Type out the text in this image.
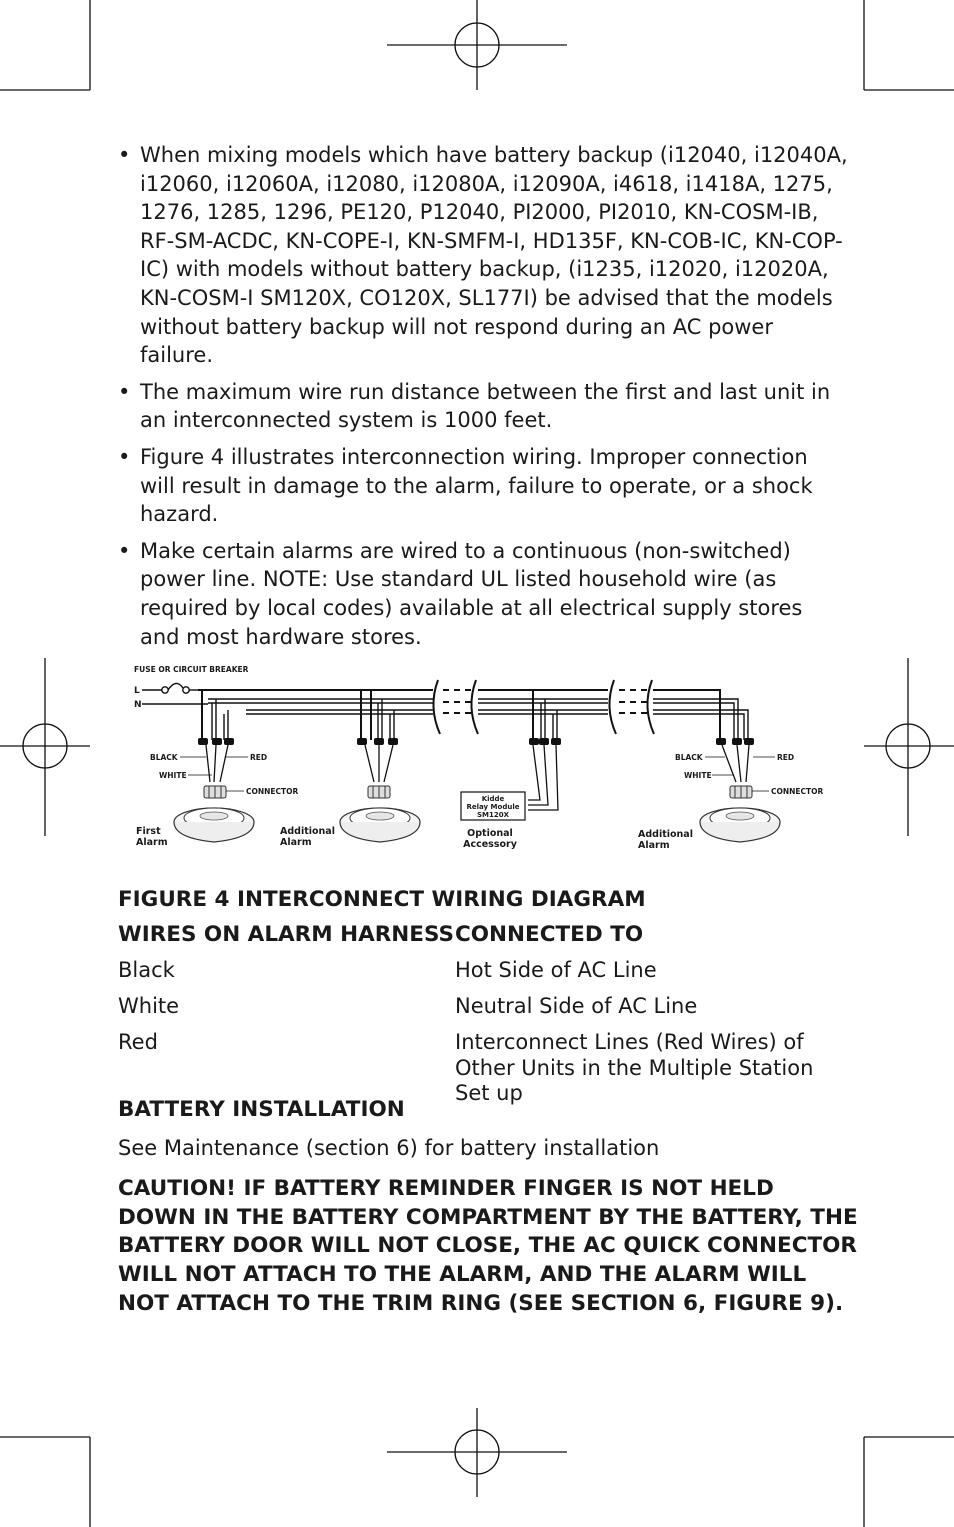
• When mixing models which have battery backup (i12040, i12040A, i12060, i12060A, i12080, i12080A, i12090A, i4618, i1418A, 1275, 1276, 1285, 1296, PE120, P12040, PI2000, PI2010, KN-COSM-IB, RF-SM-ACDC, KN-COPE-I, KN-SMFM-I, HD135F, KN-COB-IC, KN-COP-IC) with models without battery backup, (i1235, i12020, i12020A, KN-COSM-I SM120X, CO120X, SL177I) be advised that the models without battery backup will not respond during an AC power failure.
• The maximum wire run distance between the first and last unit in an interconnected system is 1000 feet.
• Figure 4 illustrates interconnection wiring. Improper connection will result in damage to the alarm, failure to operate, or a shock hazard.
• Make certain alarms are wired to a continuous (non-switched) power line. NOTE: Use standard UL listed household wire (as required by local codes) available at all electrical supply stores and most hardware stores.
FUSE OR CIRCUIT BREAKER
L
N
BLACK	RED
WHITE
CONNECTOR
BLACK	RED
WHITE
CONNECTOR
Kidde
Relay Module
SM120X
First
Alarm
Additional
Alarm
Optional
Accessory
Additional
Alarm
FIGURE 4 INTERCONNECT WIRING DIAGRAM
WIRES ON ALARM HARNESS CONNECTED TO
Black	Hot Side of AC Line
White	Neutral Side of AC Line
Red	Interconnect Lines (Red Wires) of Other Units in the Multiple Station Set up
BATTERY INSTALLATION
See Maintenance (section 6) for battery installation
CAUTION! IF BATTERY REMINDER FINGER IS NOT HELD DOWN IN THE BATTERY COMPARTMENT BY THE BATTERY, THE BATTERY DOOR WILL NOT CLOSE, THE AC QUICK CONNECTOR WILL NOT ATTACH TO THE ALARM, AND THE ALARM WILL NOT ATTACH TO THE TRIM RING (SEE SECTION 6, FIGURE 9).
